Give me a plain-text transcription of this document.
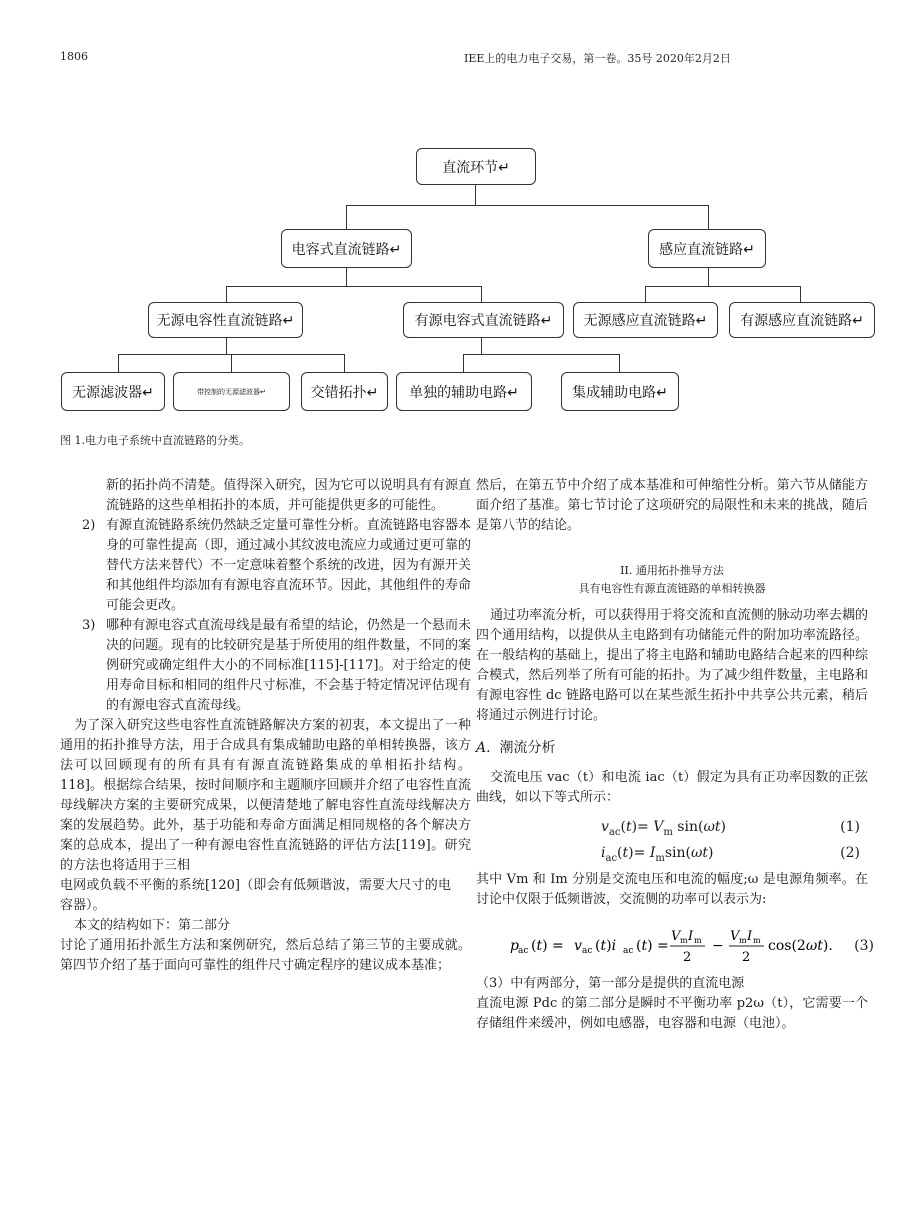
1806	IEE上的电力电子交易，第一卷。35号 2020年2月2日
直流环节↵
电容式直流链路↵	感应直流链路↵
无源电容性直流链路↵	有源电容式直流链路↵	无源感应直流链路↵	有源感应直流链路↵
无源滤波器↵	带控制的无源滤波器↵	交错拓扑↵	单独的辅助电路↵	集成辅助电路↵
图 1.电力电子系统中直流链路的分类。

新的拓扑尚不清楚。值得深入研究，因为它可以说明具有有源直流链路的这些单相拓扑的本质，并可能提供更多的可能性。

2) 有源直流链路系统仍然缺乏定量可靠性分析。直流链路电容器本身的可靠性提高（即，通过减小其纹波电流应力或通过更可靠的替代方法来替代）不一定意味着整个系统的改进，因为有源开关和其他组件均添加有有源电容直流环节。因此，其他组件的寿命可能会更改。

3) 哪种有源电容式直流母线是最有希望的结论，仍然是一个悬而未决的问题。现有的比较研究是基于所使用的组件数量，不同的案例研究或确定组件大小的不同标准[115]-[117]。对于给定的使用寿命目标和相同的组件尺寸标准，不会基于特定情况评估现有的有源电容式直流母线。

为了深入研究这些电容性直流链路解决方案的初衷，本文提出了一种通用的拓扑推导方法，用于合成具有集成辅助电路的单相转换器，该方法可以回顾现有的所有具有有源直流链路集成的单相拓扑结构。 118]。根据综合结果，按时间顺序和主题顺序回顾并介绍了电容性直流母线解决方案的主要研究成果，以便清楚地了解电容性直流母线解决方案的发展趋势。此外，基于功能和寿命方面满足相同规格的各个解决方案的总成本，提出了一种有源电容性直流链路的评估方法[119]。研究的方法也将适用于三相

电网或负载不平衡的系统[120]（即会有低频谐波，需要大尺寸的电容器）。

本文的结构如下：第二部分

讨论了通用拓扑派生方法和案例研究，然后总结了第三节的主要成就。第四节介绍了基于面向可靠性的组件尺寸确定程序的建议成本基准；

然后，在第五节中介绍了成本基准和可伸缩性分析。第六节从储能方面介绍了基准。第七节讨论了这项研究的局限性和未来的挑战，随后是第八节的结论。

II. 通用拓扑推导方法

具有电容性有源直流链路的单相转换器

通过功率流分析，可以获得用于将交流和直流侧的脉动功率去耦的四个通用结构，以提供从主电路到有功储能元件的附加功率流路径。在一般结构的基础上，提出了将主电路和辅助电路结合起来的四种综合模式，然后列举了所有可能的拓扑。为了减少组件数量，主电路和有源电容性 dc 链路电路可以在某些派生拓扑中共享公共元素，稍后将通过示例进行讨论。

A. 潮流分析

交流电压 vac（t）和电流 iac（t）假定为具有正功率因数的正弦曲线，如以下等式所示：

$v_{ac}(t)= V_m$ sin(ωt)	(1)
$i_{ac}(t)= I_m\sin(\omega t)$	(2)

其中 Vm 和 Im 分别是交流电压和电流的幅度;ω 是电源角频率。在讨论中仅限于低频谐波，交流侧的功率可以表示为:

p ac (t) = v ac (t)i ac (t) =
V m I m
2
−
V m I m
2
cos(2ωt). (3)

（3）中有两部分，第一部分是提供的直流电源

直流电源 Pdc 的第二部分是瞬时不平衡功率 p2ω（t），它需要一个存储组件来缓冲，例如电感器，电容器和电源（电池）。
